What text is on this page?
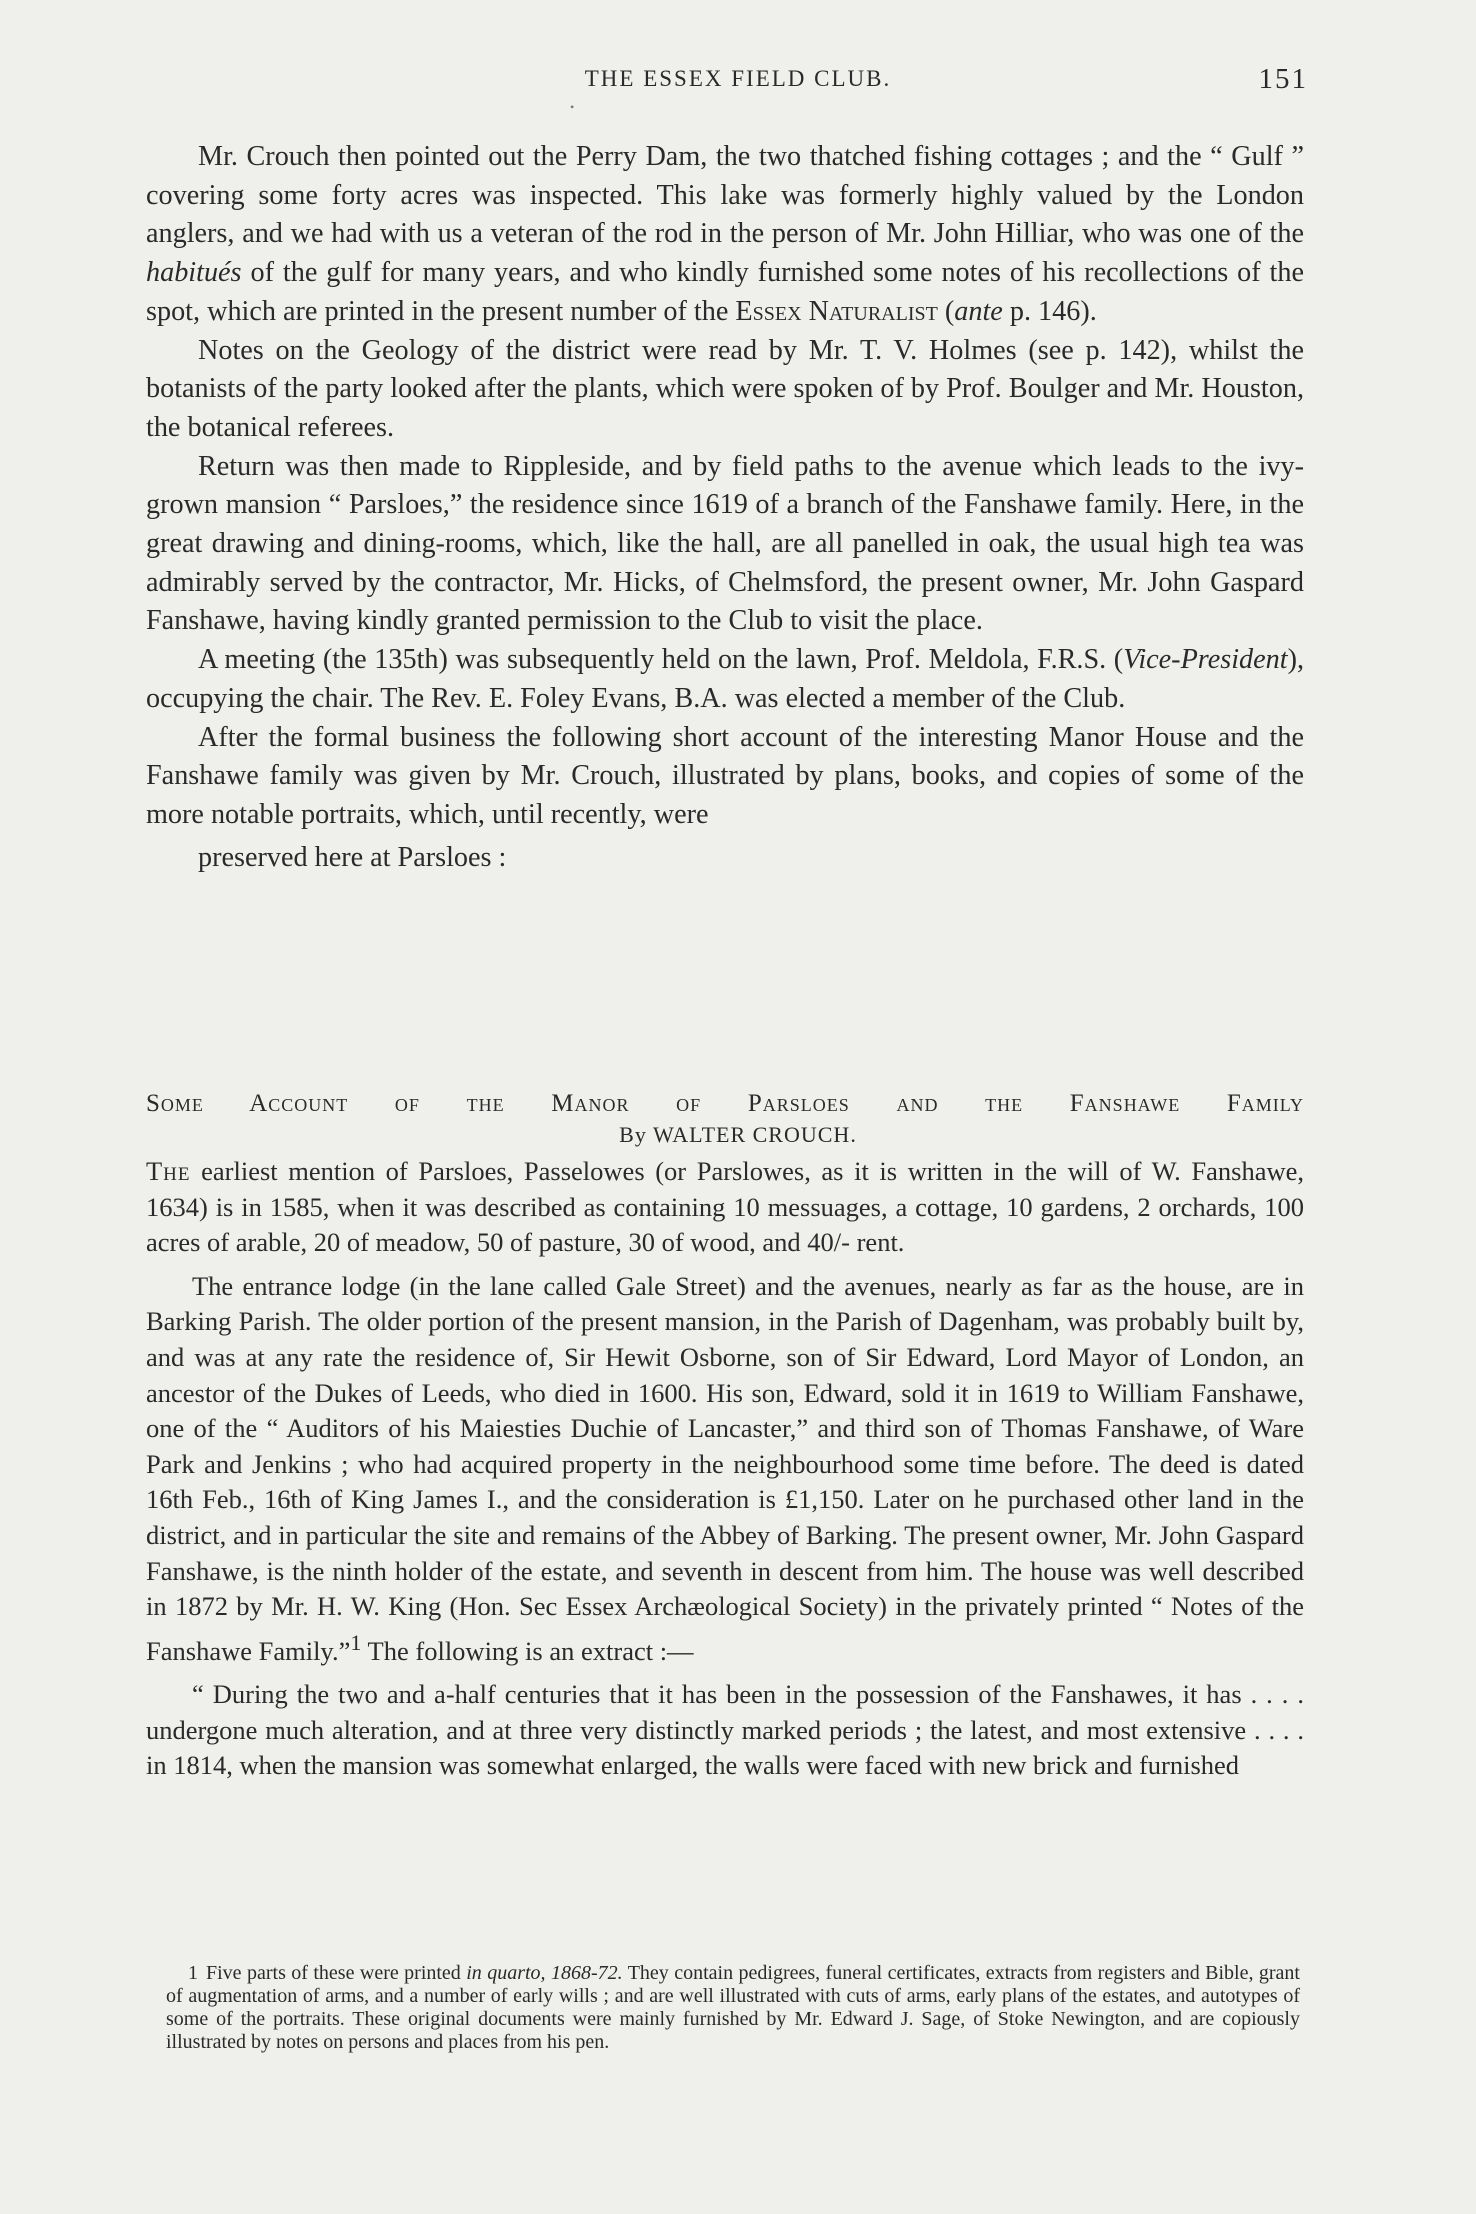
THE ESSEX FIELD CLUB.	151
•

Mr. Crouch then pointed out the Perry Dam, the two thatched fishing cottages ; and the “ Gulf ” covering some forty acres was inspected. This lake was formerly highly valued by the London anglers, and we had with us a veteran of the rod in the person of Mr. John Hilliar, who was one of the habitués of the gulf for many years, and who kindly furnished some notes of his recollections of the spot, which are printed in the present number of the Essex Naturalist (ante p. 146).

Notes on the Geology of the district were read by Mr. T. V. Holmes (see p. 142), whilst the botanists of the party looked after the plants, which were spoken of by Prof. Boulger and Mr. Houston, the botanical referees.

Return was then made to Rippleside, and by field paths to the avenue which leads to the ivy-grown mansion “ Parsloes,” the residence since 1619 of a branch of the Fanshawe family. Here, in the great drawing and dining-rooms, which, like the hall, are all panelled in oak, the usual high tea was admirably served by the contractor, Mr. Hicks, of Chelmsford, the present owner, Mr. John Gaspard Fanshawe, having kindly granted permission to the Club to visit the place.

A meeting (the 135th) was subsequently held on the lawn, Prof. Meldola, F.R.S. (Vice-President), occupying the chair. The Rev. E. Foley Evans, B.A. was elected a member of the Club.

After the formal business the following short account of the interesting Manor House and the Fanshawe family was given by Mr. Crouch, illustrated by plans, books, and copies of some of the more notable portraits, which, until recently, were

preserved here at Parsloes :

Some Account of the Manor of Parsloes and the Fanshawe Family
By WALTER CROUCH.

The earliest mention of Parsloes, Passelowes (or Parslowes, as it is written in the will of W. Fanshawe, 1634) is in 1585, when it was described as containing 10 messuages, a cottage, 10 gardens, 2 orchards, 100 acres of arable, 20 of meadow, 50 of pasture, 30 of wood, and 40/- rent.

The entrance lodge (in the lane called Gale Street) and the avenues, nearly as far as the house, are in Barking Parish. The older portion of the present mansion, in the Parish of Dagenham, was probably built by, and was at any rate the residence of, Sir Hewit Osborne, son of Sir Edward, Lord Mayor of London, an ancestor of the Dukes of Leeds, who died in 1600. His son, Edward, sold it in 1619 to William Fanshawe, one of the “ Auditors of his Maiesties Duchie of Lancaster,” and third son of Thomas Fanshawe, of Ware Park and Jenkins ; who had acquired property in the neighbourhood some time before. The deed is dated 16th Feb., 16th of King James I., and the consideration is £1,150. Later on he purchased other land in the district, and in particular the site and remains of the Abbey of Barking. The present owner, Mr. John Gaspard Fanshawe, is the ninth holder of the estate, and seventh in descent from him. The house was well described in 1872 by Mr. H. W. King (Hon. Sec Essex Archæological Society) in the privately printed “ Notes of the Fanshawe Family.”$^1$ The following is an extract :—

“ During the two and a-half centuries that it has been in the possession of the Fanshawes, it has . . . . undergone much alteration, and at three very distinctly marked periods ; the latest, and most extensive . . . . in 1814, when the mansion was somewhat enlarged, the walls were faced with new brick and furnished

1 Five parts of these were printed in quarto, 1868-72. They contain pedigrees, funeral certificates, extracts from registers and Bible, grant of augmentation of arms, and a number of early wills ; and are well illustrated with cuts of arms, early plans of the estates, and autotypes of some of the portraits. These original documents were mainly furnished by Mr. Edward J. Sage, of Stoke Newington, and are copiously illustrated by notes on persons and places from his pen.
